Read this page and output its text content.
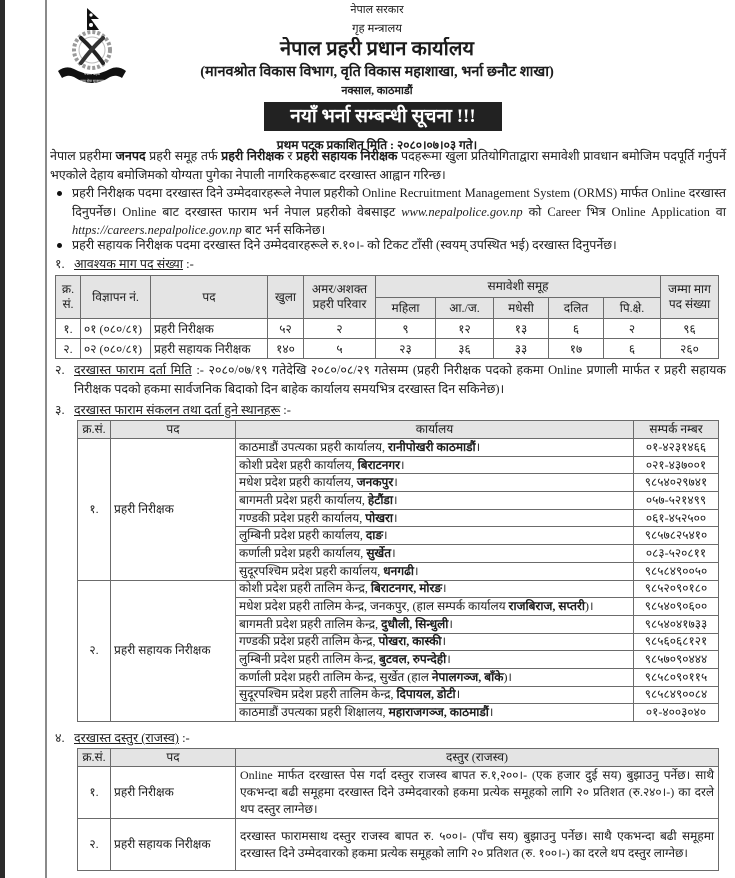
नेपाल प्रहरी
सत्य सेवा सुरक्षणम्
नेपाल सरकार
गृह मन्त्रालय
नेपाल प्रहरी प्रधान कार्यालय
(मानवश्रोत विकास विभाग, वृति विकास महाशाखा, भर्ना छनौट शाखा)
नक्साल, काठमाडौं
नयाँ भर्ना सम्बन्धी सूचना !!!
प्रथम पटक प्रकाशित मिति : २०८०।०७।०३ गते।

नेपाल प्रहरीमा जनपद प्रहरी समूह तर्फ प्रहरी निरीक्षक र प्रहरी सहायक निरीक्षक पदहरूमा खुला प्रतियोगिताद्वारा समावेशी प्रावधान बमोजिम पदपूर्ति गर्नुपर्ने भएकोले देहाय बमोजिमको योग्यता पुगेका नेपाली नागरिकहरूबाट दरखास्त आह्वान गरिन्छ।

प्रहरी निरीक्षक पदमा दरखास्त दिने उम्मेदवारहरूले नेपाल प्रहरीको Online Recruitment Management System (ORMS) मार्फत Online दरखास्त दिनुपर्नेछ। Online बाट दरखास्त फाराम भर्न नेपाल प्रहरीको वेबसाइट www.nepalpolice.gov.np को Career भित्र Online Application वा https://careers.nepalpolice.gov.np बाट भर्न सकिनेछ।
प्रहरी सहायक निरीक्षक पदमा दरखास्त दिने उम्मेदवारहरूले रु.१०।- को टिकट टाँसी (स्वयम् उपस्थित भई) दरखास्त दिनुपर्नेछ।
१. आवश्यक माग पद संख्या :-
क्र. सं.	विज्ञापन नं.	पद	खुला	अमर/अशक्त प्रहरी परिवार	समावेशी समूह					जम्मा माग पद संख्या
					महिला	आ./ज.	मधेसी	दलित	पि.क्षे.	
१.	०१ (०८०/८१)	प्रहरी निरीक्षक	५२	२	९	१२	१३	६	२	९६
२.	०२ (०८०/८१)	प्रहरी सहायक निरीक्षक	१४०	५	२३	३६	३३	१७	६	२६०
२. दरखास्त फाराम दर्ता मिति :- २०८०/०७/१९ गतेदेखि २०८०/०८/२९ गतेसम्म (प्रहरी निरीक्षक पदको हकमा Online प्रणाली मार्फत र प्रहरी सहायक निरीक्षक पदको हकमा सार्वजनिक बिदाको दिन बाहेक कार्यालय समयभित्र दरखास्त दिन सकिनेछ)।
३. दरखास्त फाराम संकलन तथा दर्ता हुने स्थानहरू :-
क्र.सं.	पद	कार्यालय	सम्पर्क नम्बर
१.	प्रहरी निरीक्षक	काठमाडौं उपत्यका प्रहरी कार्यालय, रानीपोखरी काठमाडौं।	०१-४२३१४६६
		कोशी प्रदेश प्रहरी कार्यालय, बिराटनगर।	०२१-४३७००१
		मधेश प्रदेश प्रहरी कार्यालय, जनकपुर।	९८५४०२९७४१
		बागमती प्रदेश प्रहरी कार्यालय, हेटौंडा।	०५७-५२१४९९
		गण्डकी प्रदेश प्रहरी कार्यालय, पोखरा।	०६१-४५२५००
		लुम्बिनी प्रदेश प्रहरी कार्यालय, दाङ।	९८५७८२५४१०
		कर्णाली प्रदेश प्रहरी कार्यालय, सुर्खेत।	०८३-५२०८११
		सुदूरपश्चिम प्रदेश प्रहरी कार्यालय, धनगढी।	९८५८४९००५०
२.	प्रहरी सहायक निरीक्षक	कोशी प्रदेश प्रहरी तालिम केन्द्र, बिराटनगर, मोरङ।	९८५२०९०१८०
		मधेश प्रदेश प्रहरी तालिम केन्द्र, जनकपुर, (हाल सम्पर्क कार्यालय राजबिराज, सप्तरी)।	९८५४०९०६००
		बागमती प्रदेश प्रहरी तालिम केन्द्र, दुधौली, सिन्धुली।	९८५४०४१७३३
		गण्डकी प्रदेश प्रहरी तालिम केन्द्र, पोखरा, कास्की।	९८५६०६८१२१
		लुम्बिनी प्रदेश प्रहरी तालिम केन्द्र, बुटवल, रुपन्देही।	९८५७०९०४४४
		कर्णाली प्रदेश प्रहरी तालिम केन्द्र, सुर्खेत (हाल नेपालगञ्ज, बाँके)।	९८५८०९०११५
		सुदूरपश्चिम प्रदेश प्रहरी तालिम केन्द्र, दिपायल, डोटी।	९८५८४९००८४
		काठमाडौं उपत्यका प्रहरी शिक्षालय, महाराजगञ्ज, काठमाडौं।	०१-४००३०४०
४. दरखास्त दस्तुर (राजस्व) :-
क्र.सं.	पद	दस्तुर (राजस्व)
१.	प्रहरी निरीक्षक	Online मार्फत दरखास्त पेस गर्दा दस्तुर राजस्व बापत रु.१,२००।- (एक हजार दुई सय) बुझाउनु पर्नेछ। साथै एकभन्दा बढी समूहमा दरखास्त दिने उम्मेदवारको हकमा प्रत्येक समूहको लागि २० प्रतिशत (रु.२४०।-) का दरले थप दस्तुर लाग्नेछ।
२.	प्रहरी सहायक निरीक्षक	दरखास्त फारामसाथ दस्तुर राजस्व बापत रु. ५००।- (पाँच सय) बुझाउनु पर्नेछ। साथै एकभन्दा बढी समूहमा दरखास्त दिने उम्मेदवारको हकमा प्रत्येक समूहको लागि २० प्रतिशत (रु. १००।-) का दरले थप दस्तुर लाग्नेछ।
